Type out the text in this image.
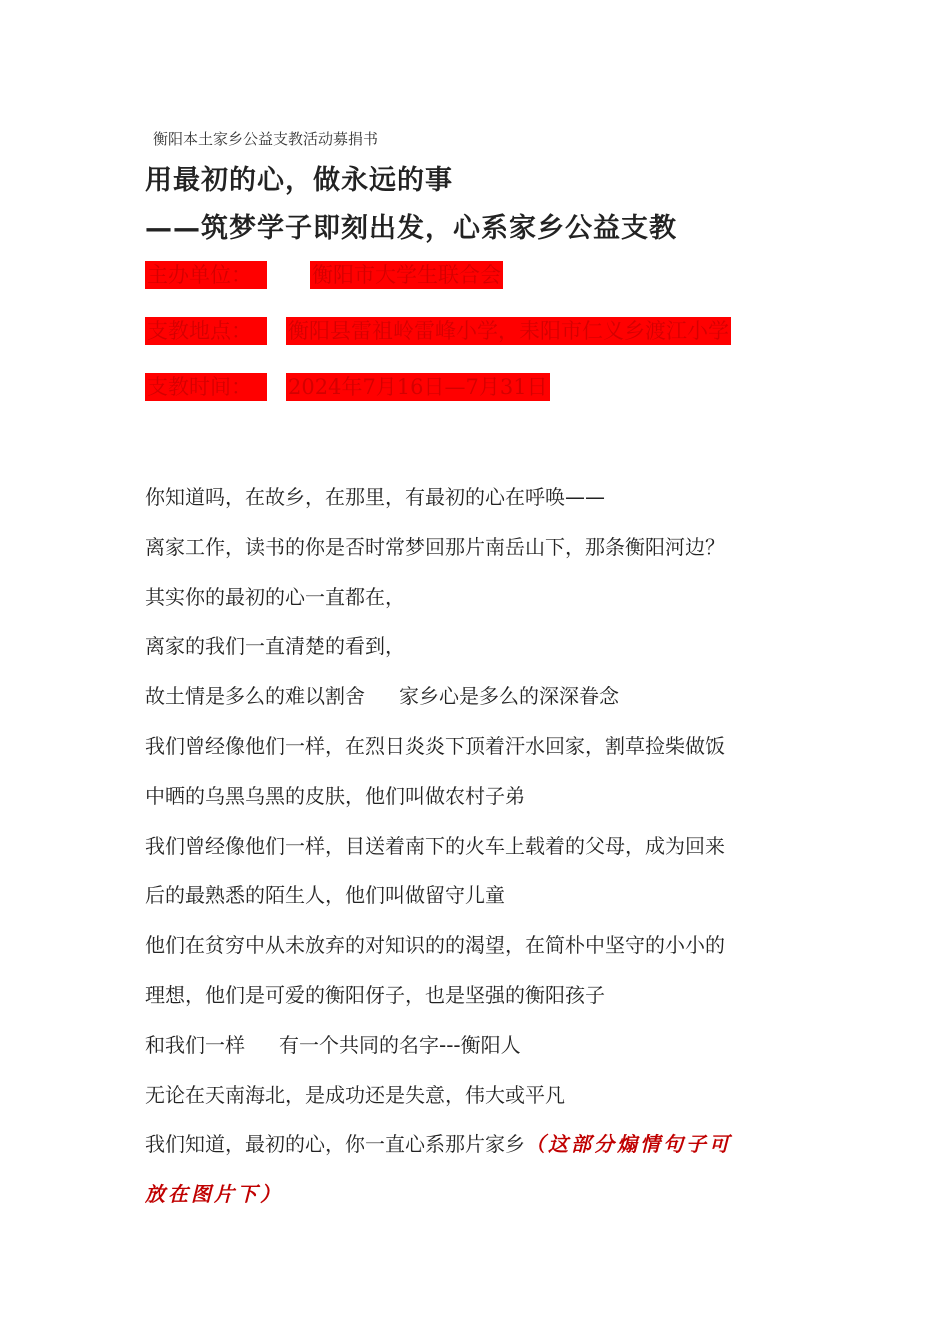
衡阳本土家乡公益支教活动募捐书
用最初的心，做永远的事
——筑梦学子即刻出发，心系家乡公益支教
主办单位：	衡阳市大学生联合会
支教地点：	衡阳县雷祖岭雷峰小学，耒阳市仁义乡渡江小学
支教时间：	2024年7月16日—7月31日
你知道吗，在故乡，在那里，有最初的心在呼唤——
离家工作，读书的你是否时常梦回那片南岳山下，那条衡阳河边？
其实你的最初的心一直都在，
离家的我们一直清楚的看到，
故土情是多么的难以割舍 家乡心是多么的深深眷念
我们曾经像他们一样，在烈日炎炎下顶着汗水回家，割草捡柴做饭
中晒的乌黑乌黑的皮肤，他们叫做农村子弟
我们曾经像他们一样，目送着南下的火车上载着的父母，成为回来
后的最熟悉的陌生人，他们叫做留守儿童
他们在贫穷中从未放弃的对知识的的渴望，在简朴中坚守的小小的
理想，他们是可爱的衡阳伢子，也是坚强的衡阳孩子
和我们一样 有一个共同的名字---衡阳人
无论在天南海北，是成功还是失意，伟大或平凡
我们知道，最初的心，你一直心系那片家乡（这部分煽情句子可
放在图片下）
